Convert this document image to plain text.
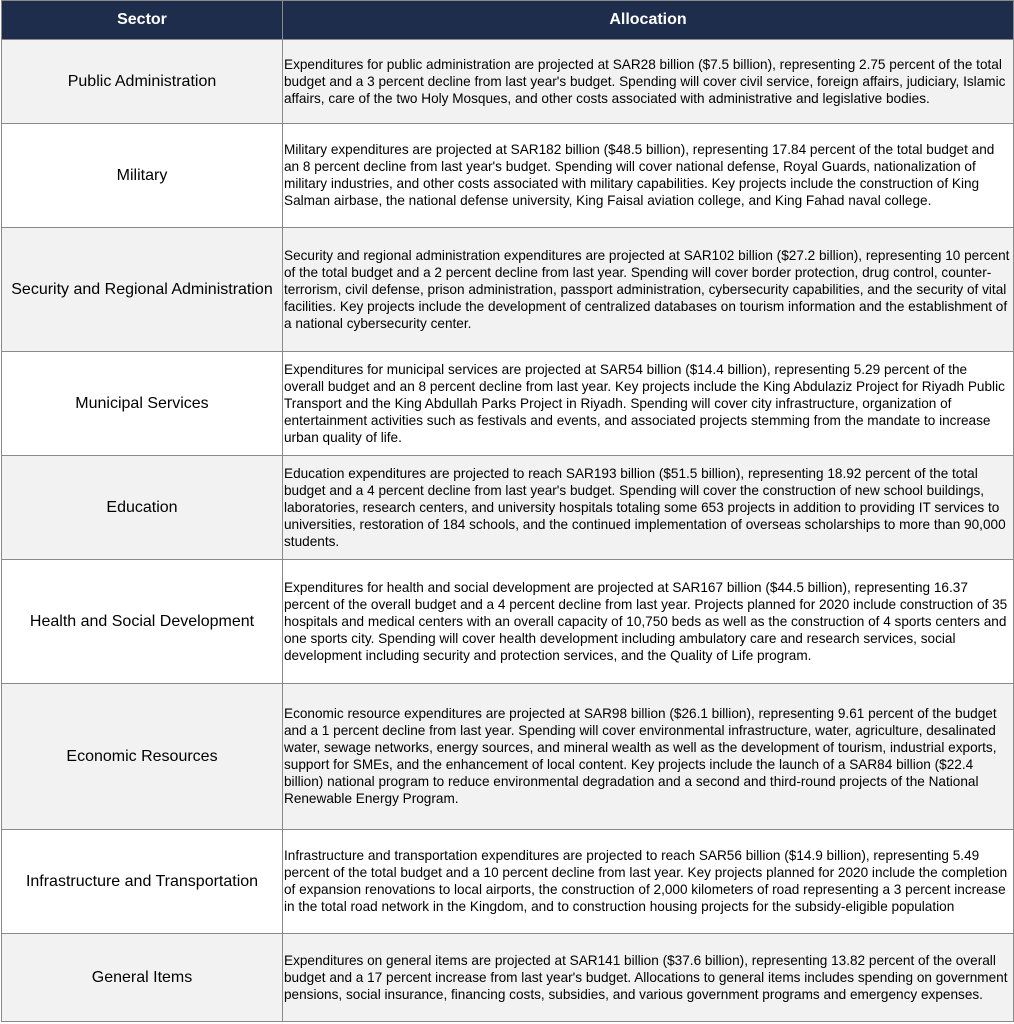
Sector	Allocation
Public Administration	Expenditures for public administration are projected at SAR28 billion ($7.5 billion), representing 2.75 percent of the total budget and a 3 percent decline from last year's budget. Spending will cover civil service, foreign affairs, judiciary, Islamic affairs, care of the two Holy Mosques, and other costs associated with administrative and legislative bodies.
Military	Military expenditures are projected at SAR182 billion ($48.5 billion), representing 17.84 percent of the total budget and an 8 percent decline from last year's budget. Spending will cover national defense, Royal Guards, nationalization of military industries, and other costs associated with military capabilities. Key projects include the construction of King Salman airbase, the national defense university, King Faisal aviation college, and King Fahad naval college.
Security and Regional Administration	Security and regional administration expenditures are projected at SAR102 billion ($27.2 billion), representing 10 percent of the total budget and a 2 percent decline from last year. Spending will cover border protection, drug control, counter-terrorism, civil defense, prison administration, passport administration, cybersecurity capabilities, and the security of vital facilities. Key projects include the development of centralized databases on tourism information and the establishment of a national cybersecurity center.
Municipal Services	Expenditures for municipal services are projected at SAR54 billion ($14.4 billion), representing 5.29 percent of the overall budget and an 8 percent decline from last year. Key projects include the King Abdulaziz Project for Riyadh Public Transport and the King Abdullah Parks Project in Riyadh. Spending will cover city infrastructure, organization of entertainment activities such as festivals and events, and associated projects stemming from the mandate to increase urban quality of life.
Education	Education expenditures are projected to reach SAR193 billion ($51.5 billion), representing 18.92 percent of the total budget and a 4 percent decline from last year's budget. Spending will cover the construction of new school buildings, laboratories, research centers, and university hospitals totaling some 653 projects in addition to providing IT services to universities, restoration of 184 schools, and the continued implementation of overseas scholarships to more than 90,000 students.
Health and Social Development	Expenditures for health and social development are projected at SAR167 billion ($44.5 billion), representing 16.37 percent of the overall budget and a 4 percent decline from last year. Projects planned for 2020 include construction of 35 hospitals and medical centers with an overall capacity of 10,750 beds as well as the construction of 4 sports centers and one sports city. Spending will cover health development including ambulatory care and research services, social development including security and protection services, and the Quality of Life program.
Economic Resources	Economic resource expenditures are projected at SAR98 billion ($26.1 billion), representing 9.61 percent of the budget and a 1 percent decline from last year. Spending will cover environmental infrastructure, water, agriculture, desalinated water, sewage networks, energy sources, and mineral wealth as well as the development of tourism, industrial exports, support for SMEs, and the enhancement of local content. Key projects include the launch of a SAR84 billion ($22.4 billion) national program to reduce environmental degradation and a second and third-round projects of the National Renewable Energy Program.
Infrastructure and Transportation	Infrastructure and transportation expenditures are projected to reach SAR56 billion ($14.9 billion), representing 5.49 percent of the total budget and a 10 percent decline from last year. Key projects planned for 2020 include the completion of expansion renovations to local airports, the construction of 2,000 kilometers of road representing a 3 percent increase in the total road network in the Kingdom, and to construction housing projects for the subsidy-eligible population
General Items	Expenditures on general items are projected at SAR141 billion ($37.6 billion), representing 13.82 percent of the overall budget and a 17 percent increase from last year's budget. Allocations to general items includes spending on government pensions, social insurance, financing costs, subsidies, and various government programs and emergency expenses.
